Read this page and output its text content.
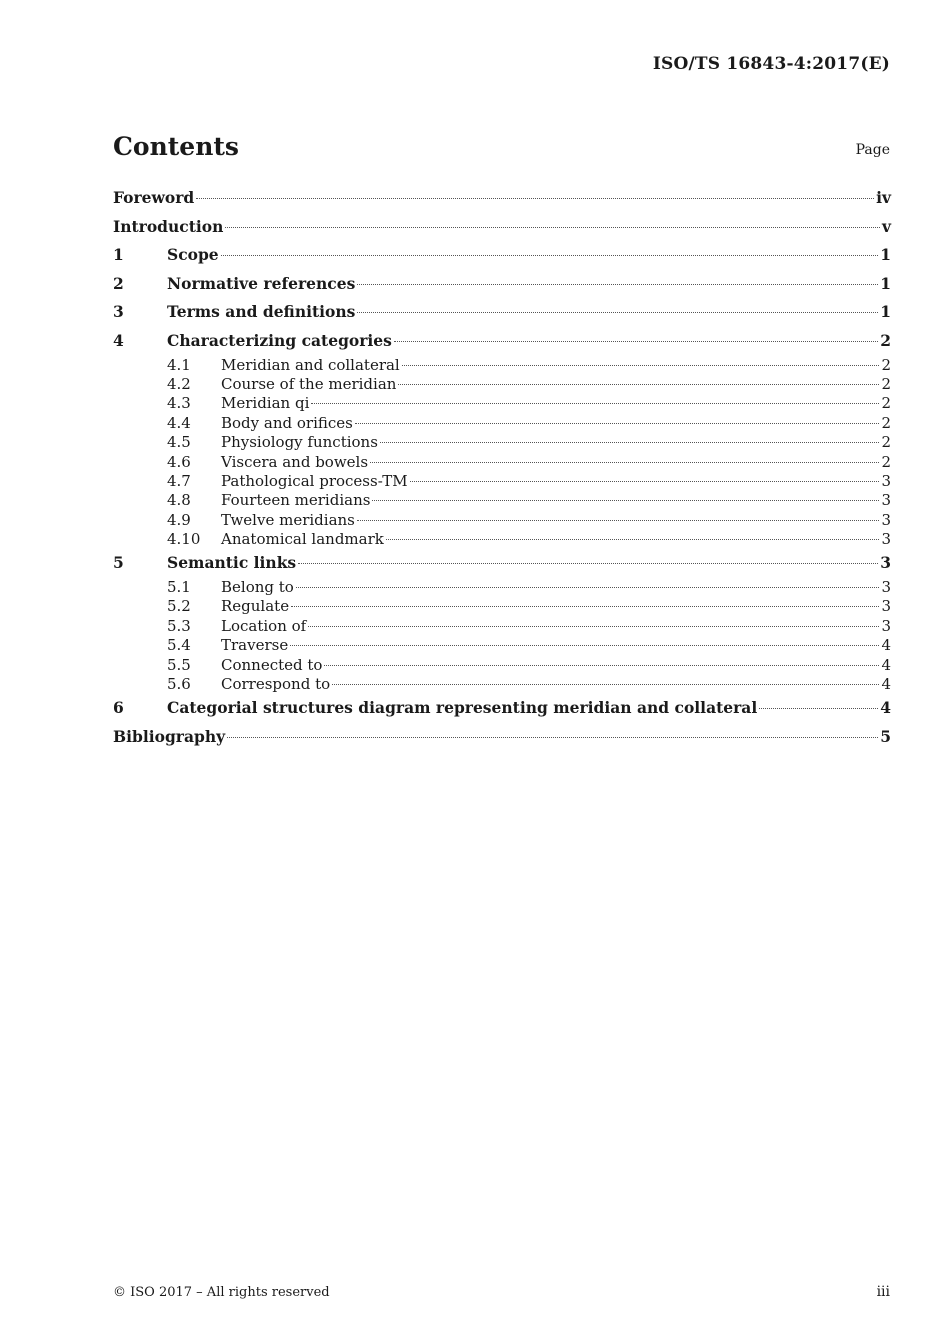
ISO/TS 16843-4:2017(E)
Contents	Page
Foreword	iv
Introduction	v
1	Scope	1
2	Normative references	1
3	Terms and definitions	1
4	Characterizing categories	2
4.1	Meridian and collateral	2
4.2	Course of the meridian	2
4.3	Meridian qi	2
4.4	Body and orifices	2
4.5	Physiology functions	2
4.6	Viscera and bowels	2
4.7	Pathological process-TM	3
4.8	Fourteen meridians	3
4.9	Twelve meridians	3
4.10	Anatomical landmark	3
5	Semantic links	3
5.1	Belong to	3
5.2	Regulate	3
5.3	Location of	3
5.4	Traverse	4
5.5	Connected to	4
5.6	Correspond to	4
6	Categorial structures diagram representing meridian and collateral	4
Bibliography	5
© ISO 2017 – All rights reserved	iii
